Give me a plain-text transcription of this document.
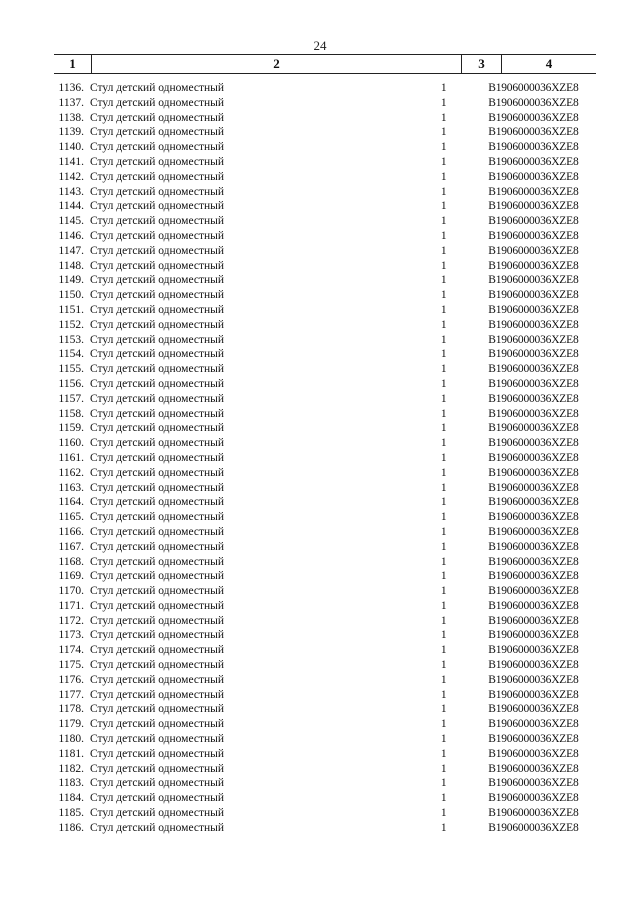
24
1	2	3	4
1136. Стул детский одноместный	1	B1906000036XZE8
1137. Стул детский одноместный	1	B1906000036XZE8
1138. Стул детский одноместный	1	B1906000036XZE8
1139. Стул детский одноместный	1	B1906000036XZE8
1140. Стул детский одноместный	1	B1906000036XZE8
1141. Стул детский одноместный	1	B1906000036XZE8
1142. Стул детский одноместный	1	B1906000036XZE8
1143. Стул детский одноместный	1	B1906000036XZE8
1144. Стул детский одноместный	1	B1906000036XZE8
1145. Стул детский одноместный	1	B1906000036XZE8
1146. Стул детский одноместный	1	B1906000036XZE8
1147. Стул детский одноместный	1	B1906000036XZE8
1148. Стул детский одноместный	1	B1906000036XZE8
1149. Стул детский одноместный	1	B1906000036XZE8
1150. Стул детский одноместный	1	B1906000036XZE8
1151. Стул детский одноместный	1	B1906000036XZE8
1152. Стул детский одноместный	1	B1906000036XZE8
1153. Стул детский одноместный	1	B1906000036XZE8
1154. Стул детский одноместный	1	B1906000036XZE8
1155. Стул детский одноместный	1	B1906000036XZE8
1156. Стул детский одноместный	1	B1906000036XZE8
1157. Стул детский одноместный	1	B1906000036XZE8
1158. Стул детский одноместный	1	B1906000036XZE8
1159. Стул детский одноместный	1	B1906000036XZE8
1160. Стул детский одноместный	1	B1906000036XZE8
1161. Стул детский одноместный	1	B1906000036XZE8
1162. Стул детский одноместный	1	B1906000036XZE8
1163. Стул детский одноместный	1	B1906000036XZE8
1164. Стул детский одноместный	1	B1906000036XZE8
1165. Стул детский одноместный	1	B1906000036XZE8
1166. Стул детский одноместный	1	B1906000036XZE8
1167. Стул детский одноместный	1	B1906000036XZE8
1168. Стул детский одноместный	1	B1906000036XZE8
1169. Стул детский одноместный	1	B1906000036XZE8
1170. Стул детский одноместный	1	B1906000036XZE8
1171. Стул детский одноместный	1	B1906000036XZE8
1172. Стул детский одноместный	1	B1906000036XZE8
1173. Стул детский одноместный	1	B1906000036XZE8
1174. Стул детский одноместный	1	B1906000036XZE8
1175. Стул детский одноместный	1	B1906000036XZE8
1176. Стул детский одноместный	1	B1906000036XZE8
1177. Стул детский одноместный	1	B1906000036XZE8
1178. Стул детский одноместный	1	B1906000036XZE8
1179. Стул детский одноместный	1	B1906000036XZE8
1180. Стул детский одноместный	1	B1906000036XZE8
1181. Стул детский одноместный	1	B1906000036XZE8
1182. Стул детский одноместный	1	B1906000036XZE8
1183. Стул детский одноместный	1	B1906000036XZE8
1184. Стул детский одноместный	1	B1906000036XZE8
1185. Стул детский одноместный	1	B1906000036XZE8
1186. Стул детский одноместный	1	B1906000036XZE8
